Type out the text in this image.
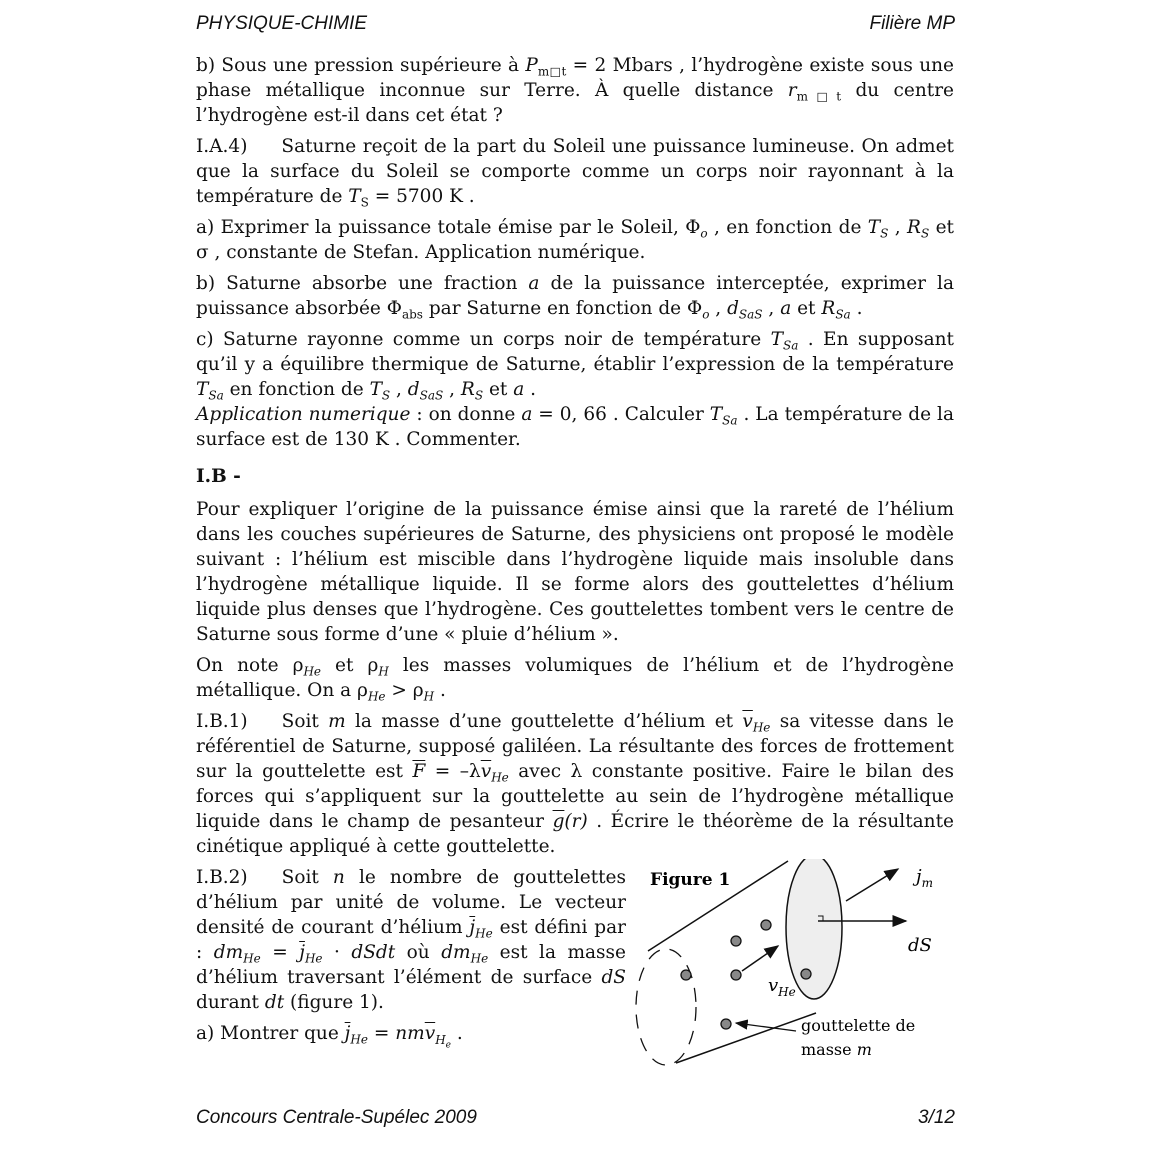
PHYSIQUE-CHIMIE	Filière MP

b) Sous une pression supérieure à $P_{m□t} = 2$ Mbars , l’hydrogène existe sous une phase métallique inconnue sur Terre. À quelle distance $r_{m□t}$ du centre l’hydrogène est-il dans cet état ?

I.A.4) Saturne reçoit de la part du Soleil une puissance lumineuse. On admet que la surface du Soleil se comporte comme un corps noir rayonnant à la température de $T_S = 5700$ K .

a) Exprimer la puissance totale émise par le Soleil, $\Phi_o$ , en fonction de $T_S$ , $R_S$ et σ , constante de Stefan. Application numérique.

b) Saturne absorbe une fraction a de la puissance interceptée, exprimer la puissance absorbée $\Phi_{abs}$ par Saturne en fonction de $\Phi_o$ , $d_{SaS}$ , a et $R_{Sa}$ .

c) Saturne rayonne comme un corps noir de température $T_{Sa}$ . En supposant qu’il y a équilibre thermique de Saturne, établir l’expression de la température $T_{Sa}$ en fonction de $T_S$ , $d_{SaS}$ , $R_S$ et a .

Application numerique : on donne a = 0, 66 . Calculer $T_{Sa}$ . La température de la surface est de 130 K . Commenter.

I.B -

Pour expliquer l’origine de la puissance émise ainsi que la rareté de l’hélium dans les couches supérieures de Saturne, des physiciens ont proposé le modèle suivant : l’hélium est miscible dans l’hydrogène liquide mais insoluble dans l’hydrogène métallique liquide. Il se forme alors des gouttelettes d’hélium liquide plus denses que l’hydrogène. Ces gouttelettes tombent vers le centre de Saturne sous forme d’une « pluie d’hélium ».

On note $\rho_{He}$ et $\rho_H$ les masses volumiques de l’hélium et de l’hydrogène métallique. On a $\rho_{He} > \rho_H$ .

I.B.1) Soit m la masse d’une gouttelette d’hélium et $\overline{v}_{He}$ sa vitesse dans le référentiel de Saturne, supposé galiléen. La résultante des forces de frottement sur la gouttelette est $\overline{F} = -\lambda\overline{v}_{He}$ avec λ constante positive. Faire le bilan des forces qui s’appliquent sur la gouttelette au sein de l’hydrogène métallique liquide dans le champ de pesanteur $\overline{g}(r)$ . Écrire le théorème de la résultante cinétique appliqué à cette gouttelette.

I.B.2) Soit n le nombre de gouttelettes d’hélium par unité de volume. Le vecteur densité de courant d’hélium $\overline{j}_{He}$ est défini par : $dm_{He} = \overline{j}_{He}$ · dSdt où $dm_{He}$ est la masse d’hélium traversant l’élément de surface dS durant dt (figure 1).

a) Montrer que $\overline{j}_{He} = nm\overline{v}_{H_e}$ .

Figure 1	$j_m$
dS
$v_{He}$
gouttelette de
masse m
Concours Centrale-Supélec 2009	3/12
